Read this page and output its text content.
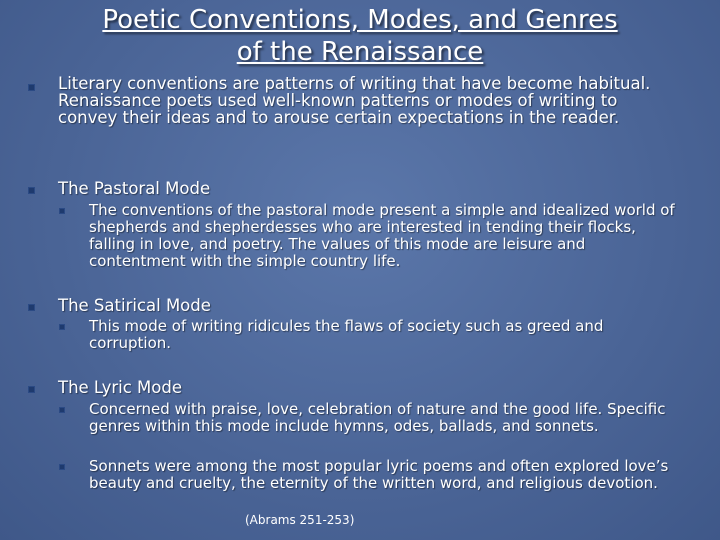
Poetic Conventions, Modes, and Genres
of the Renaissance
Literary conventions are patterns of writing that have become habitual. Renaissance poets used well-known patterns or modes of writing to convey their ideas and to arouse certain expectations in the reader.
The Pastoral Mode
The conventions of the pastoral mode present a simple and idealized world of shepherds and shepherdesses who are interested in tending their flocks, falling in love, and poetry. The values of this mode are leisure and contentment with the simple country life.
The Satirical Mode
This mode of writing ridicules the flaws of society such as greed and corruption.
The Lyric Mode
Concerned with praise, love, celebration of nature and the good life. Specific genres within this mode include hymns, odes, ballads, and sonnets.
Sonnets were among the most popular lyric poems and often explored love’s beauty and cruelty, the eternity of the written word, and religious devotion.
(Abrams 251-253)
